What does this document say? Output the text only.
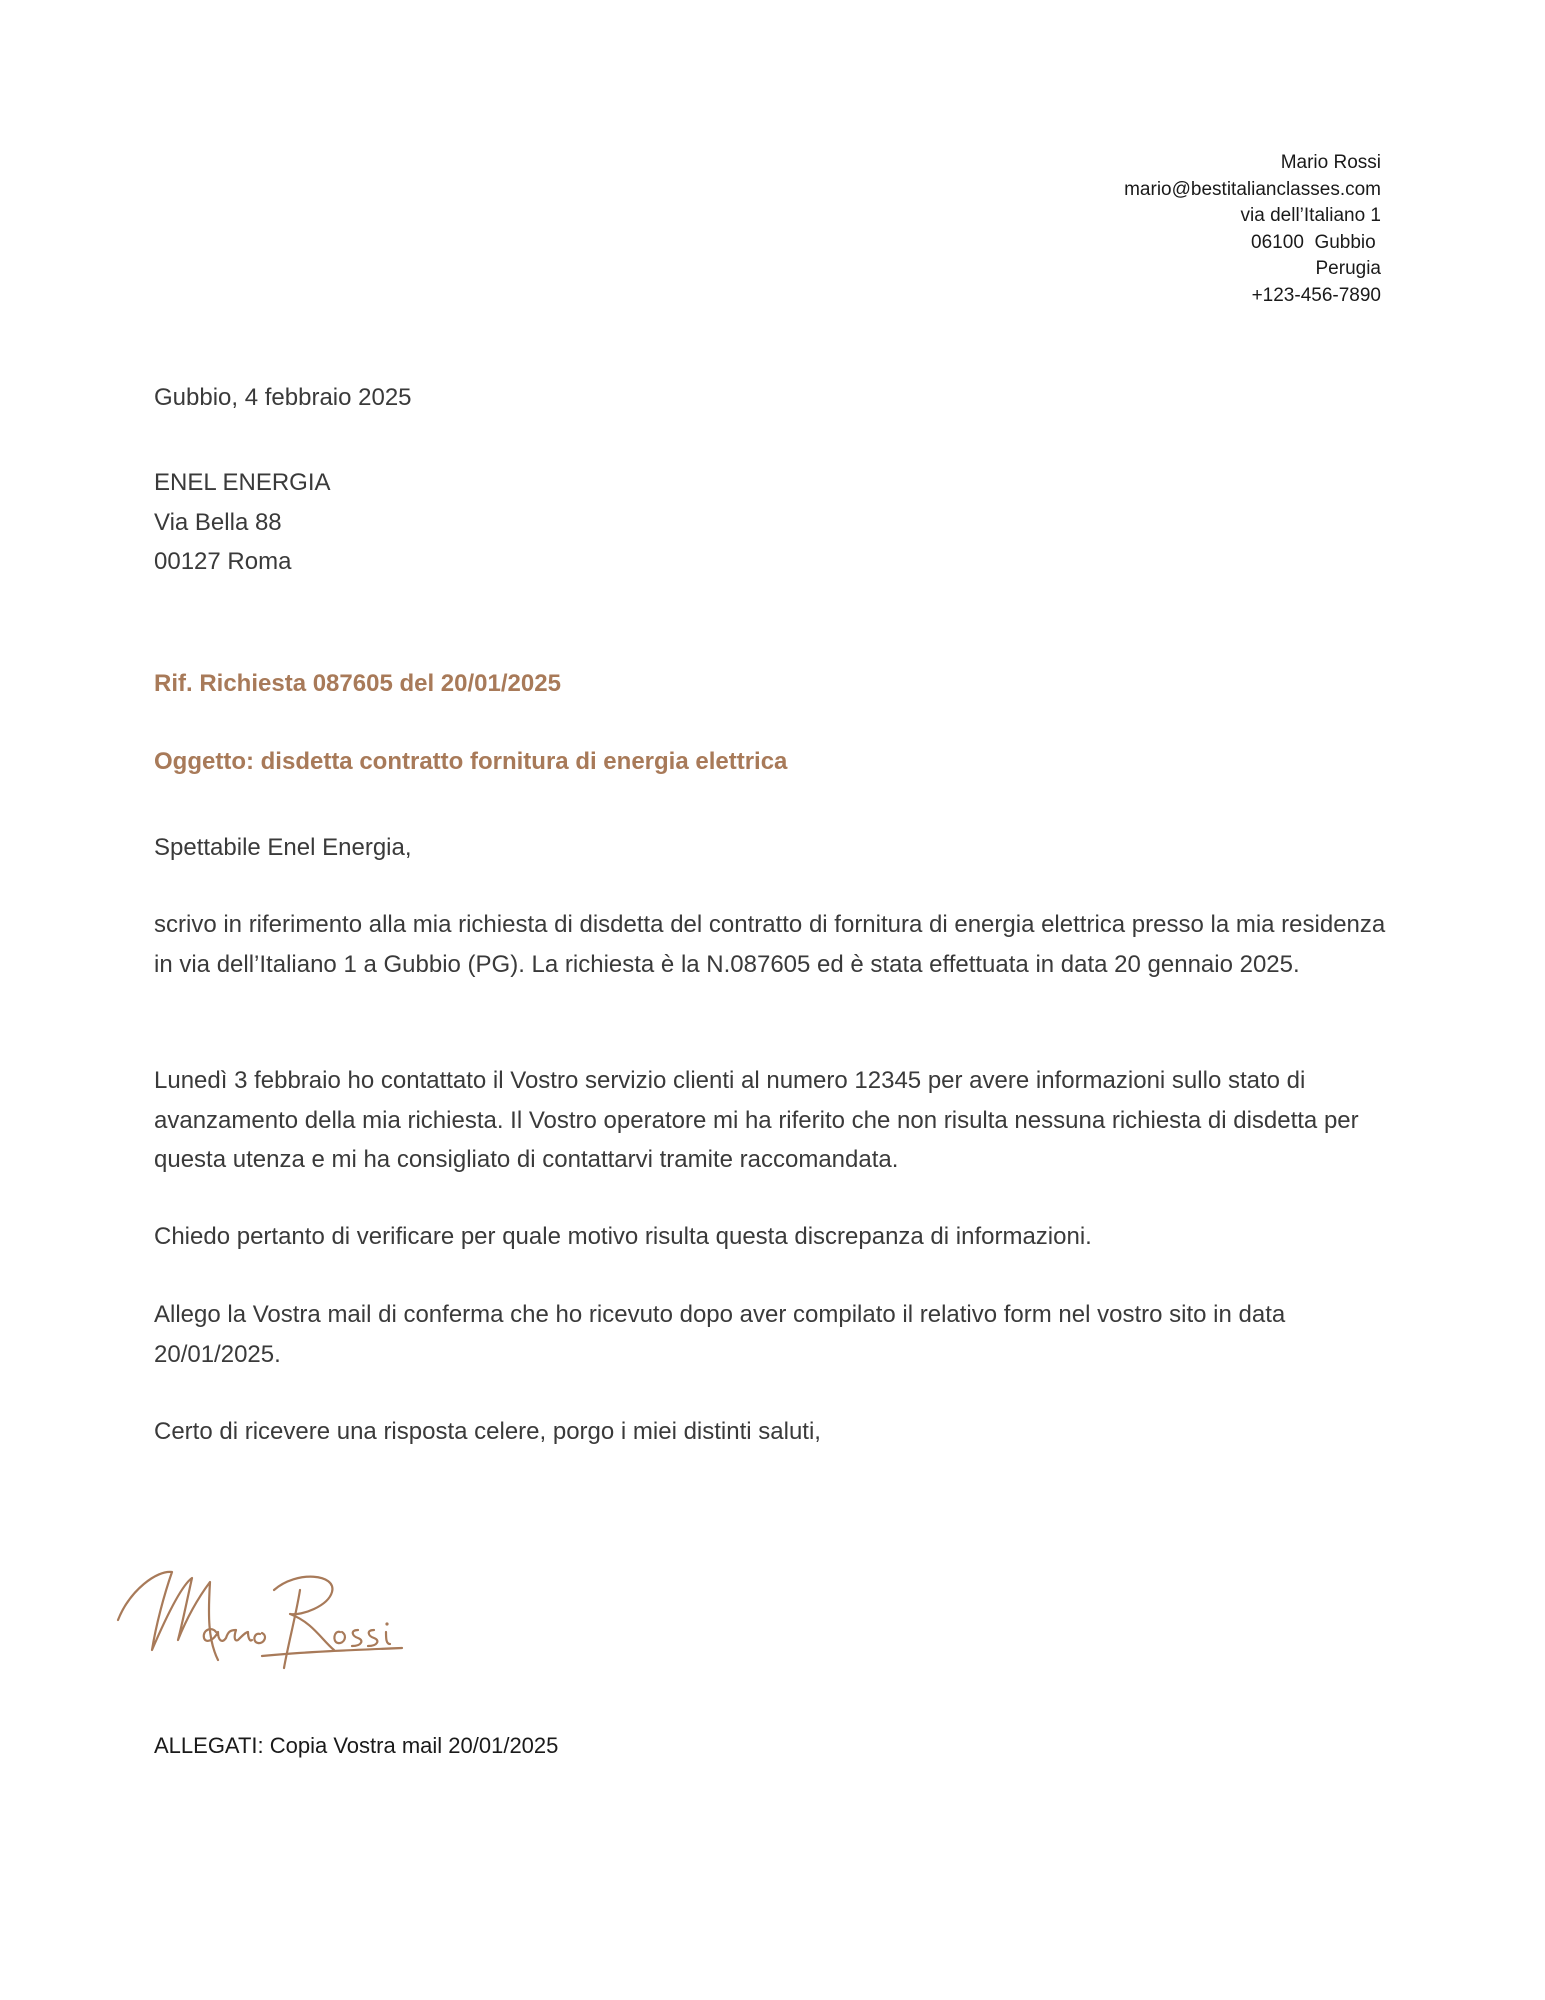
Mario Rossi
mario@bestitalianclasses.com
via dell’Italiano 1
06100  Gubbio
Perugia
+123-456-7890
Gubbio, 4 febbraio 2025
ENEL ENERGIA
Via Bella 88
00127 Roma
Rif. Richiesta 087605 del 20/01/2025
Oggetto: disdetta contratto fornitura di energia elettrica
Spettabile Enel Energia,
scrivo in riferimento alla mia richiesta di disdetta del contratto di fornitura di energia elettrica presso la mia residenza in via dell’Italiano 1 a Gubbio (PG). La richiesta è la N.087605 ed è stata effettuata in data 20 gennaio 2025.
Lunedì 3 febbraio ho contattato il Vostro servizio clienti al numero 12345 per avere informazioni sullo stato di avanzamento della mia richiesta. Il Vostro operatore mi ha riferito che non risulta nessuna richiesta di disdetta per questa utenza e mi ha consigliato di contattarvi tramite raccomandata.
Chiedo pertanto di verificare per quale motivo risulta questa discrepanza di informazioni.
Allego la Vostra mail di conferma che ho ricevuto dopo aver compilato il relativo form nel vostro sito in data 20/01/2025.
Certo di ricevere una risposta celere, porgo i miei distinti saluti,
ALLEGATI: Copia Vostra mail 20/01/2025
